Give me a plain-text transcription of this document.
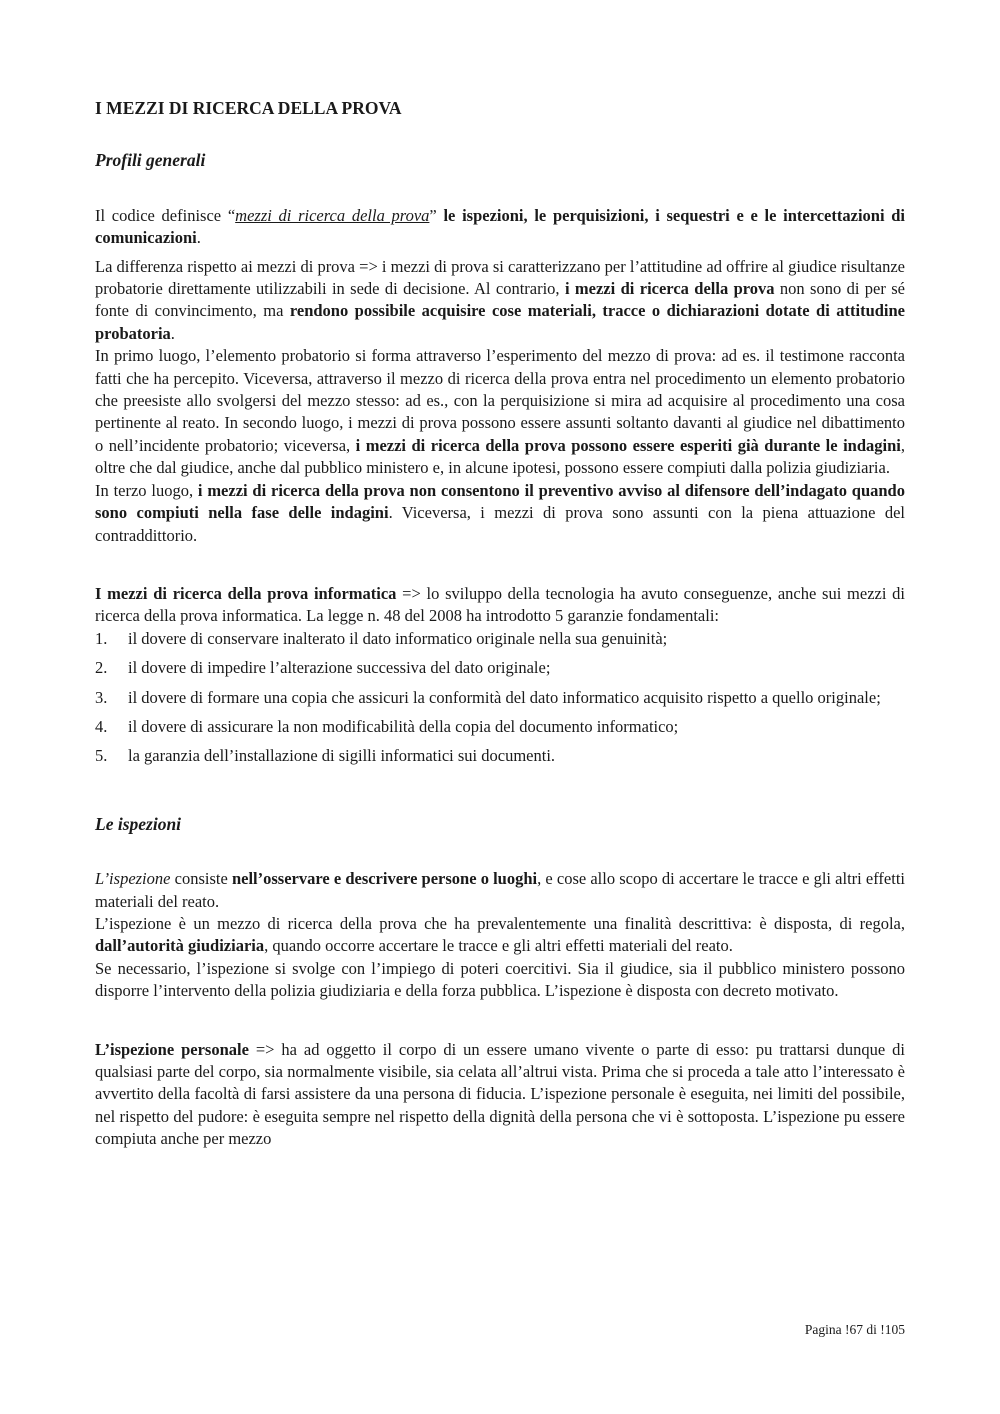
I MEZZI DI RICERCA DELLA PROVA
Profili generali

Il codice definisce “mezzi di ricerca della prova” le ispezioni, le perquisizioni, i sequestri e e le intercettazioni di comunicazioni.

La differenza rispetto ai mezzi di prova => i mezzi di prova si caratterizzano per l’attitudine ad offrire al giudice risultanze probatorie direttamente utilizzabili in sede di decisione. Al contrario, i mezzi di ricerca della prova non sono di per sé fonte di convincimento, ma rendono possibile acquisire cose materiali, tracce o dichiarazioni dotate di attitudine probatoria.

In primo luogo, l’elemento probatorio si forma attraverso l’esperimento del mezzo di prova: ad es. il testimone racconta fatti che ha percepito. Viceversa, attraverso il mezzo di ricerca della prova entra nel procedimento un elemento probatorio che preesiste allo svolgersi del mezzo stesso: ad es., con la perquisizione si mira ad acquisire al procedimento una cosa pertinente al reato. In secondo luogo, i mezzi di prova possono essere assunti soltanto davanti al giudice nel dibattimento o nell’incidente probatorio; viceversa, i mezzi di ricerca della prova possono essere esperiti già durante le indagini, oltre che dal giudice, anche dal pubblico ministero e, in alcune ipotesi, possono essere compiuti dalla polizia giudiziaria.

In terzo luogo, i mezzi di ricerca della prova non consentono il preventivo avviso al difensore dell’indagato quando sono compiuti nella fase delle indagini. Viceversa, i mezzi di prova sono assunti con la piena attuazione del contraddittorio.

I mezzi di ricerca della prova informatica => lo sviluppo della tecnologia ha avuto conseguenze, anche sui mezzi di ricerca della prova informatica. La legge n. 48 del 2008 ha introdotto 5 garanzie fondamentali:

1.	il dovere di conservare inalterato il dato informatico originale nella sua genuinità;
2.	il dovere di impedire l’alterazione successiva del dato originale;
3.	il dovere di formare una copia che assicuri la conformità del dato informatico acquisito rispetto a quello originale;
4.	il dovere di assicurare la non modificabilità della copia del documento informatico;
5.	la garanzia dell’installazione di sigilli informatici sui documenti.
Le ispezioni

L’ispezione consiste nell’osservare e descrivere persone o luoghi, e cose allo scopo di accertare le tracce e gli altri effetti materiali del reato.

L’ispezione è un mezzo di ricerca della prova che ha prevalentemente una finalità descrittiva: è disposta, di regola, dall’autorità giudiziaria, quando occorre accertare le tracce e gli altri effetti materiali del reato.

Se necessario, l’ispezione si svolge con l’impiego di poteri coercitivi. Sia il giudice, sia il pubblico ministero possono disporre l’intervento della polizia giudiziaria e della forza pubblica. L’ispezione è disposta con decreto motivato.

L’ispezione personale => ha ad oggetto il corpo di un essere umano vivente o parte di esso: pu trattarsi dunque di qualsiasi parte del corpo, sia normalmente visibile, sia celata all’altrui vista. Prima che si proceda a tale atto l’interessato è avvertito della facoltà di farsi assistere da una persona di fiducia. L’ispezione personale è eseguita, nei limiti del possibile, nel rispetto del pudore: è eseguita sempre nel rispetto della dignità della persona che vi è sottoposta. L’ispezione pu essere compiuta anche per mezzo

Pagina !67 di !105
